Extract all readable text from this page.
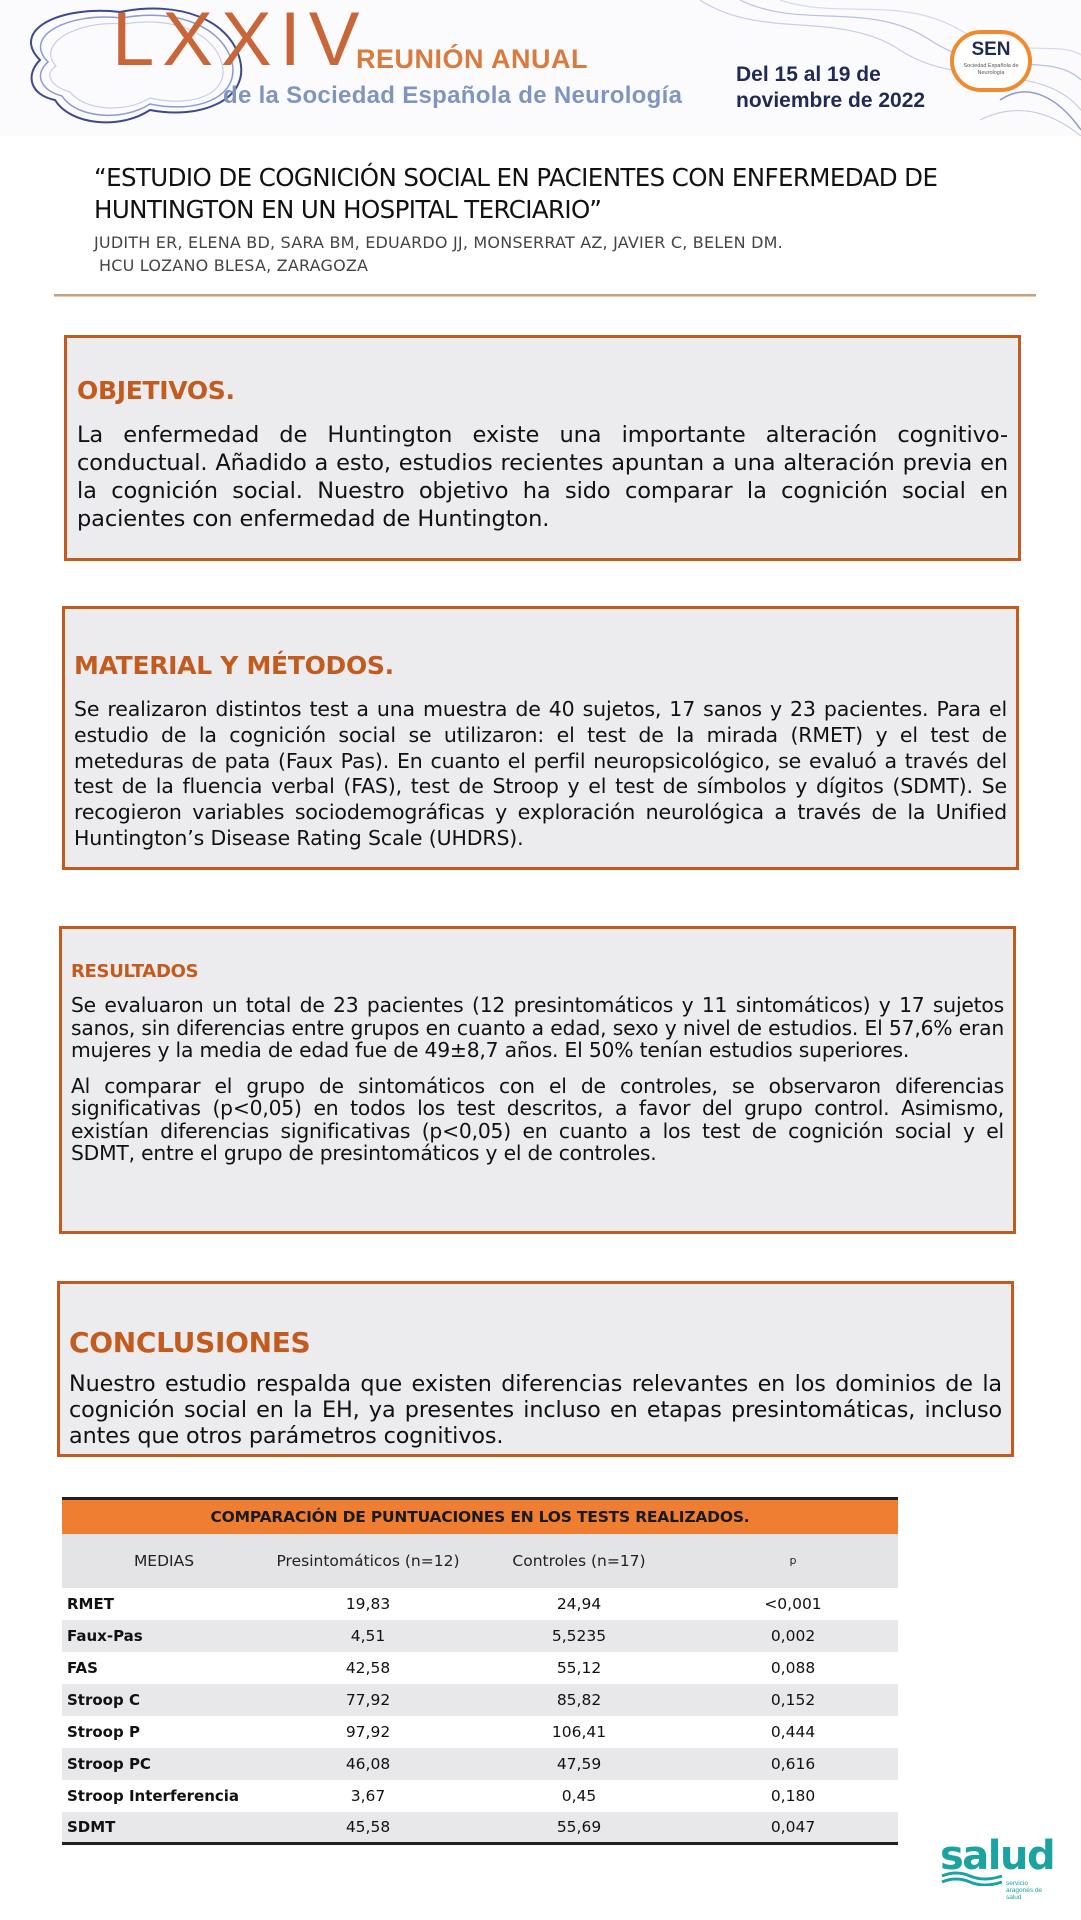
LXXIV
REUNIÓN ANUAL
de la Sociedad Española de Neurología
Del 15 al 19 de
noviembre de 2022
SEN
Sociedad Española de Neurología
“ESTUDIO DE COGNICIÓN SOCIAL EN PACIENTES CON ENFERMEDAD DE HUNTINGTON EN UN HOSPITAL TERCIARIO”
JUDITH ER, ELENA BD, SARA BM, EDUARDO JJ, MONSERRAT AZ, JAVIER C, BELEN DM.
HCU LOZANO BLESA, ZARAGOZA
OBJETIVOS.

La enfermedad de Huntington existe una importante alteración cognitivo-conductual. Añadido a esto, estudios recientes apuntan a una alteración previa en la cognición social. Nuestro objetivo ha sido comparar la cognición social en pacientes con enfermedad de Huntington.

MATERIAL Y MÉTODOS.

Se realizaron distintos test a una muestra de 40 sujetos, 17 sanos y 23 pacientes. Para el estudio de la cognición social se utilizaron: el test de la mirada (RMET) y el test de meteduras de pata (Faux Pas). En cuanto el perfil neuropsicológico, se evaluó a través del test de la fluencia verbal (FAS), test de Stroop y el test de símbolos y dígitos (SDMT). Se recogieron variables sociodemográficas y exploración neurológica a través de la Unified Huntington’s Disease Rating Scale (UHDRS).

RESULTADOS

Se evaluaron un total de 23 pacientes (12 presintomáticos y 11 sintomáticos) y 17 sujetos sanos, sin diferencias entre grupos en cuanto a edad, sexo y nivel de estudios. El 57,6% eran mujeres y la media de edad fue de 49±8,7 años. El 50% tenían estudios superiores.

Al comparar el grupo de sintomáticos con el de controles, se observaron diferencias significativas (p<0,05) en todos los test descritos, a favor del grupo control. Asimismo, existían diferencias significativas (p<0,05) en cuanto a los test de cognición social y el SDMT, entre el grupo de presintomáticos y el de controles.

CONCLUSIONES

Nuestro estudio respalda que existen diferencias relevantes en los dominios de la cognición social en la EH, ya presentes incluso en etapas presintomáticas, incluso antes que otros parámetros cognitivos.

COMPARACIÓN DE PUNTUACIONES EN LOS TESTS REALIZADOS.			
MEDIAS	Presintomáticos (n=12)	Controles (n=17)	p
RMET	19,83	24,94	<0,001
Faux-Pas	4,51	5,5235	0,002
FAS	42,58	55,12	0,088
Stroop C	77,92	85,82	0,152
Stroop P	97,92	106,41	0,444
Stroop PC	46,08	47,59	0,616
Stroop Interferencia	3,67	0,45	0,180
SDMT	45,58	55,69	0,047
salud
servicio aragonés de salud
